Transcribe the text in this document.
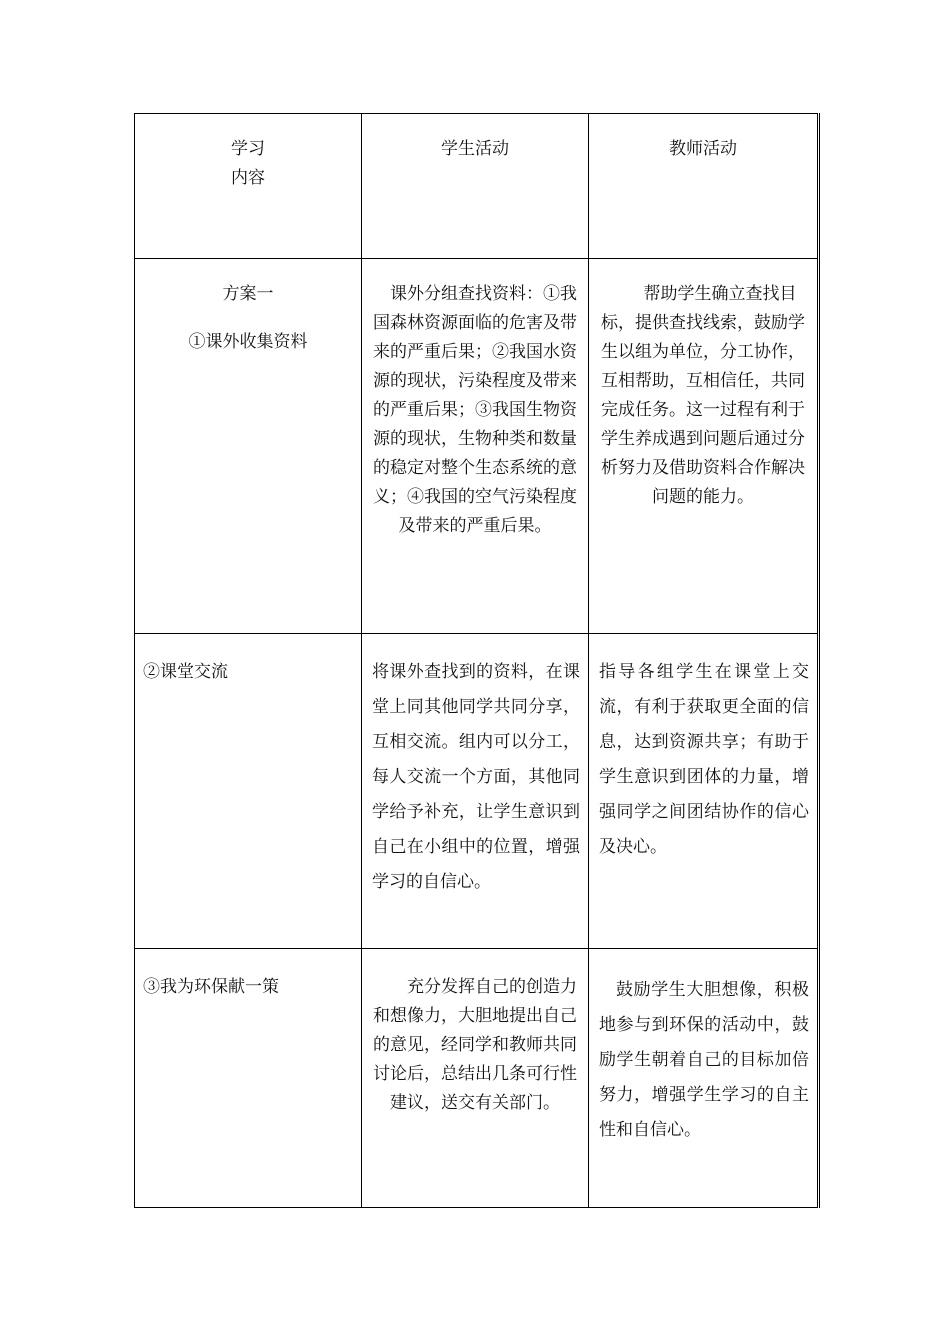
学习
内容	学生活动	教师活动

方案一
①课外收集资料	课外分组查找资料：①我国森林资源面临的危害及带来的严重后果；②我国水资源的现状，污染程度及带来的严重后果；③我国生物资源的现状，生物种类和数量的稳定对整个生态系统的意义；④我国的空气污染程度及带来的严重后果。	帮助学生确立查找目标，提供查找线索，鼓励学生以组为单位，分工协作，互相帮助，互相信任，共同完成任务。这一过程有利于学生养成遇到问题后通过分析努力及借助资料合作解决问题的能力。

②课堂交流	将课外查找到的资料，在课堂上同其他同学共同分享，互相交流。组内可以分工，每人交流一个方面，其他同学给予补充，让学生意识到自己在小组中的位置，增强学习的自信心。	指导各组学生在课堂上交流，有利于获取更全面的信息，达到资源共享；有助于学生意识到团体的力量，增强同学之间团结协作的信心及决心。

③我为环保献一策	充分发挥自己的创造力和想像力，大胆地提出自己的意见，经同学和教师共同讨论后，总结出几条可行性建议，送交有关部门。	鼓励学生大胆想像，积极地参与到环保的活动中，鼓励学生朝着自己的目标加倍努力，增强学生学习的自主性和自信心。
